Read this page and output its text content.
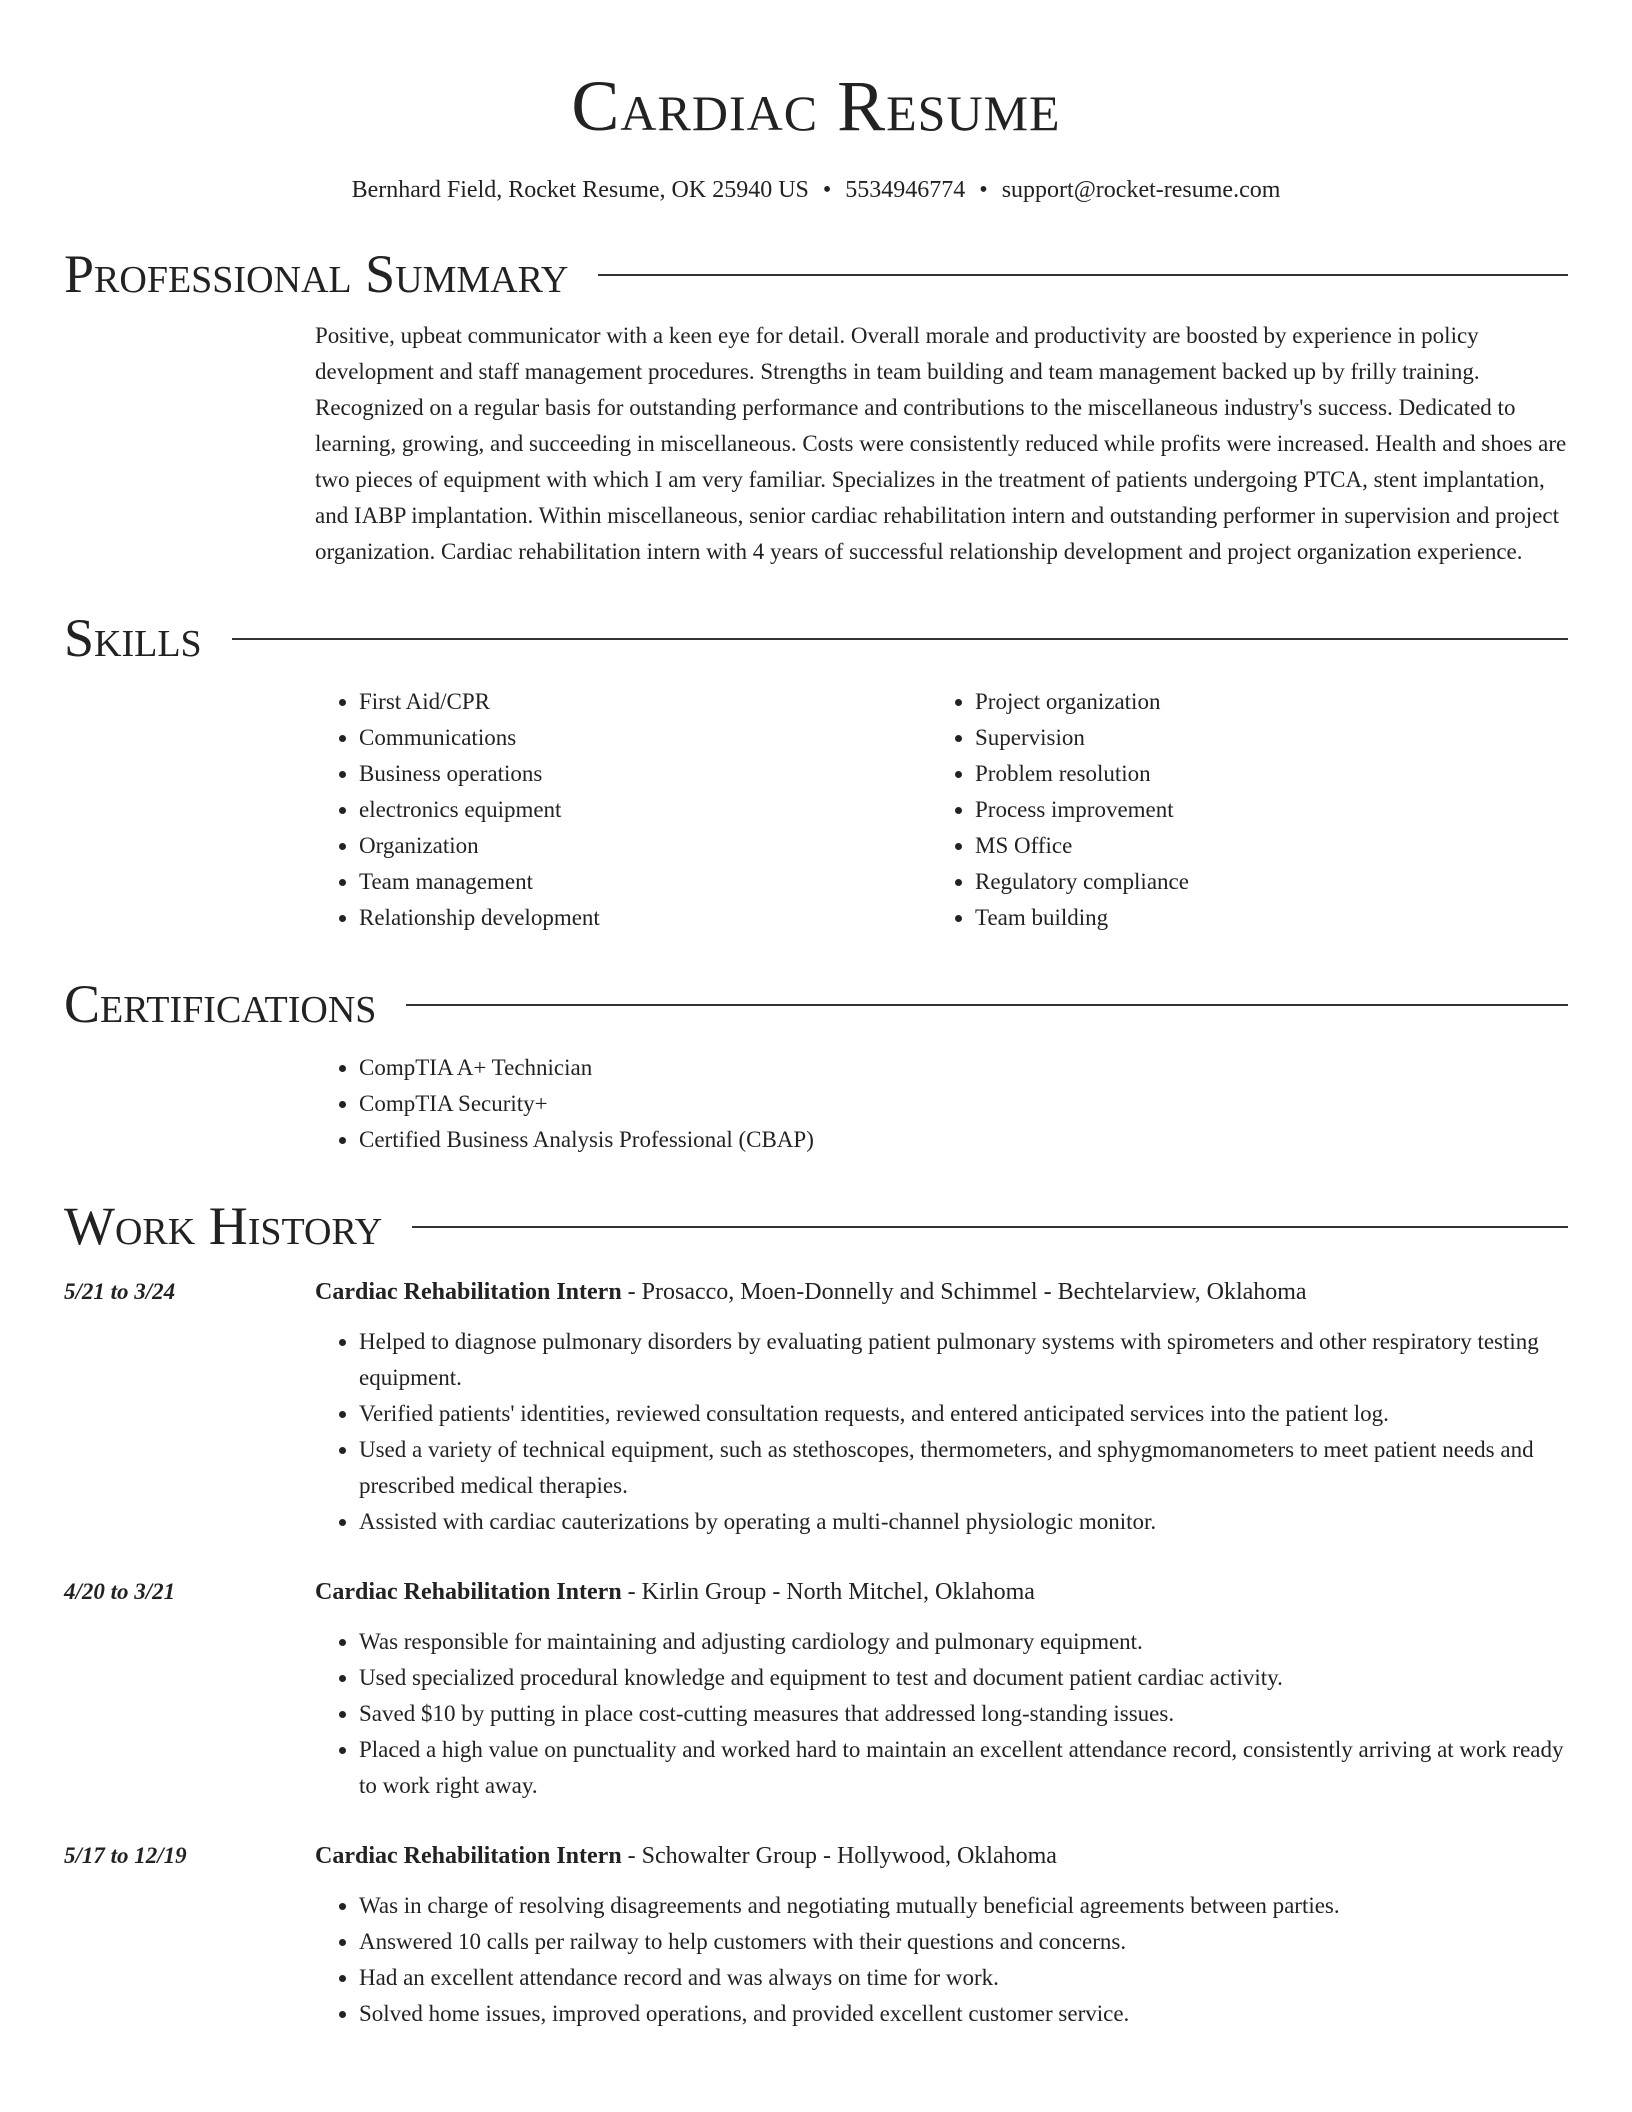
Cardiac Resume
Bernhard Field, Rocket Resume, OK 25940 US • 5534946774 • support@rocket-resume.com
Professional Summary
Positive, upbeat communicator with a keen eye for detail. Overall morale and productivity are boosted by experience in policy development and staff management procedures. Strengths in team building and team management backed up by frilly training. Recognized on a regular basis for outstanding performance and contributions to the miscellaneous industry's success. Dedicated to learning, growing, and succeeding in miscellaneous. Costs were consistently reduced while profits were increased. Health and shoes are two pieces of equipment with which I am very familiar. Specializes in the treatment of patients undergoing PTCA, stent implantation, and IABP implantation. Within miscellaneous, senior cardiac rehabilitation intern and outstanding performer in supervision and project organization. Cardiac rehabilitation intern with 4 years of successful relationship development and project organization experience.
Skills
• First Aid/CPR
• Communications
• Business operations
• electronics equipment
• Organization
• Team management
• Relationship development
• Project organization
• Supervision
• Problem resolution
• Process improvement
• MS Office
• Regulatory compliance
• Team building
Certifications
• CompTIA A+ Technician
• CompTIA Security+
• Certified Business Analysis Professional (CBAP)
Work History
5/21 to 3/24	Cardiac Rehabilitation Intern - Prosacco, Moen-Donnelly and Schimmel - Bechtelarview, Oklahoma
• Helped to diagnose pulmonary disorders by evaluating patient pulmonary systems with spirometers and other respiratory testing equipment.
• Verified patients' identities, reviewed consultation requests, and entered anticipated services into the patient log.
• Used a variety of technical equipment, such as stethoscopes, thermometers, and sphygmomanometers to meet patient needs and prescribed medical therapies.
• Assisted with cardiac cauterizations by operating a multi-channel physiologic monitor.
4/20 to 3/21	Cardiac Rehabilitation Intern - Kirlin Group - North Mitchel, Oklahoma
• Was responsible for maintaining and adjusting cardiology and pulmonary equipment.
• Used specialized procedural knowledge and equipment to test and document patient cardiac activity.
• Saved $10 by putting in place cost-cutting measures that addressed long-standing issues.
• Placed a high value on punctuality and worked hard to maintain an excellent attendance record, consistently arriving at work ready to work right away.
5/17 to 12/19	Cardiac Rehabilitation Intern - Schowalter Group - Hollywood, Oklahoma
• Was in charge of resolving disagreements and negotiating mutually beneficial agreements between parties.
• Answered 10 calls per railway to help customers with their questions and concerns.
• Had an excellent attendance record and was always on time for work.
• Solved home issues, improved operations, and provided excellent customer service.
